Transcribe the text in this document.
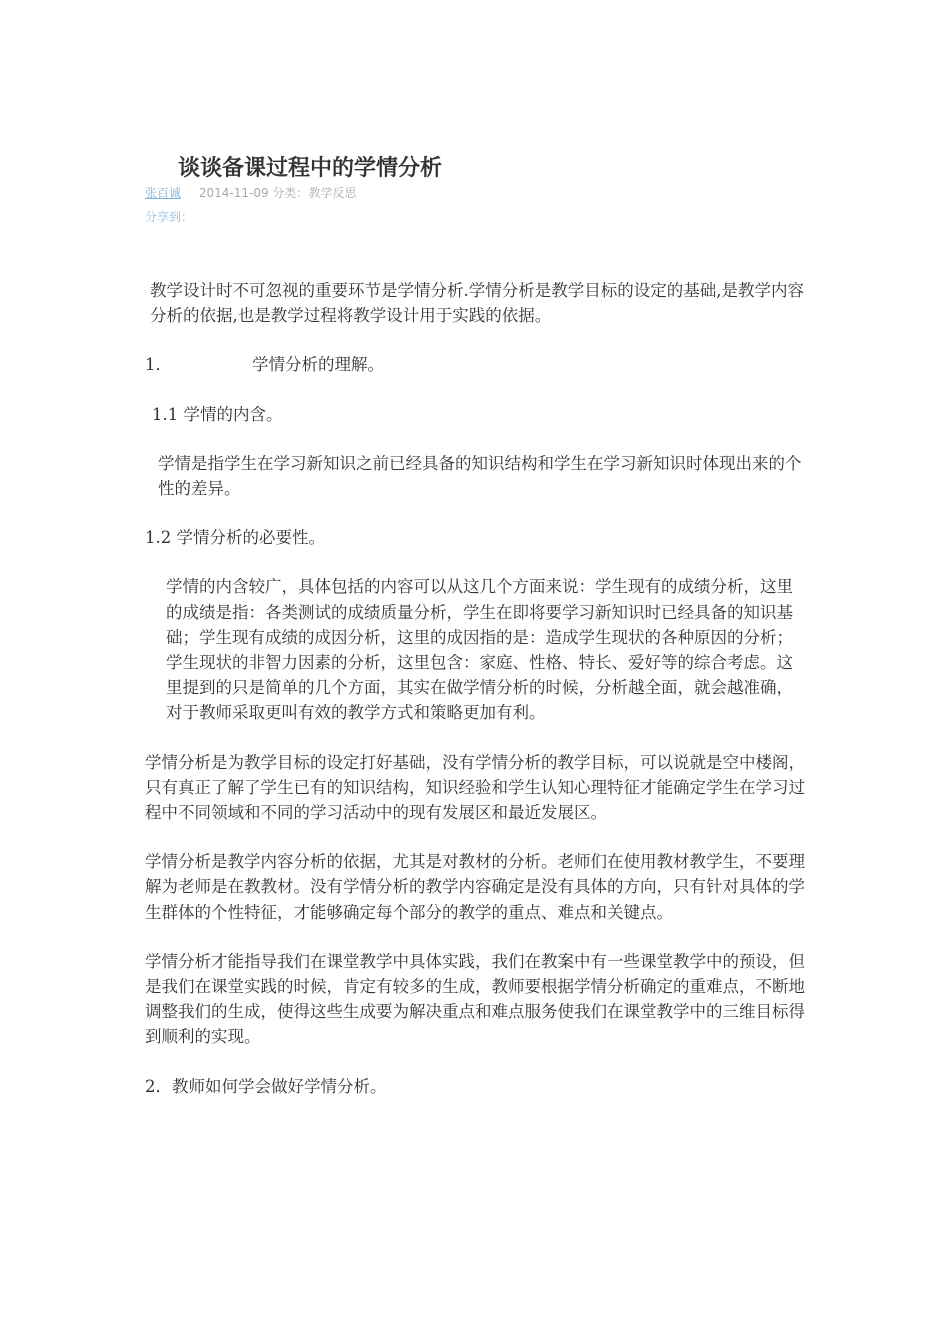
谈谈备课过程中的学情分析
张百诚 2014-11-09 分类：教学反思
分享到：

教学设计时不可忽视的重要环节是学情分析.学情分析是教学目标的设定的基础,是教学内容分析的依据,也是教学过程将教学设计用于实践的依据。

1．	学情分析的理解。

1.1 学情的内含。

学情是指学生在学习新知识之前已经具备的知识结构和学生在学习新知识时体现出来的个性的差异。

1.2 学情分析的必要性。

学情的内含较广，具体包括的内容可以从这几个方面来说：学生现有的成绩分析，这里的成绩是指：各类测试的成绩质量分析，学生在即将要学习新知识时已经具备的知识基础；学生现有成绩的成因分析，这里的成因指的是：造成学生现状的各种原因的分析；学生现状的非智力因素的分析，这里包含：家庭、性格、特长、爱好等的综合考虑。这里提到的只是简单的几个方面，其实在做学情分析的时候，分析越全面，就会越准确，对于教师采取更叫有效的教学方式和策略更加有利。

学情分析是为教学目标的设定打好基础，没有学情分析的教学目标，可以说就是空中楼阁，只有真正了解了学生已有的知识结构，知识经验和学生认知心理特征才能确定学生在学习过程中不同领域和不同的学习活动中的现有发展区和最近发展区。

学情分析是教学内容分析的依据，尤其是对教材的分析。老师们在使用教材教学生，不要理解为老师是在教教材。没有学情分析的教学内容确定是没有具体的方向，只有针对具体的学生群体的个性特征，才能够确定每个部分的教学的重点、难点和关键点。

学情分析才能指导我们在课堂教学中具体实践，我们在教案中有一些课堂教学中的预设，但是我们在课堂实践的时候，肯定有较多的生成，教师要根据学情分析确定的重难点，不断地调整我们的生成，使得这些生成要为解决重点和难点服务使我们在课堂教学中的三维目标得到顺利的实现。

2．教师如何学会做好学情分析。
